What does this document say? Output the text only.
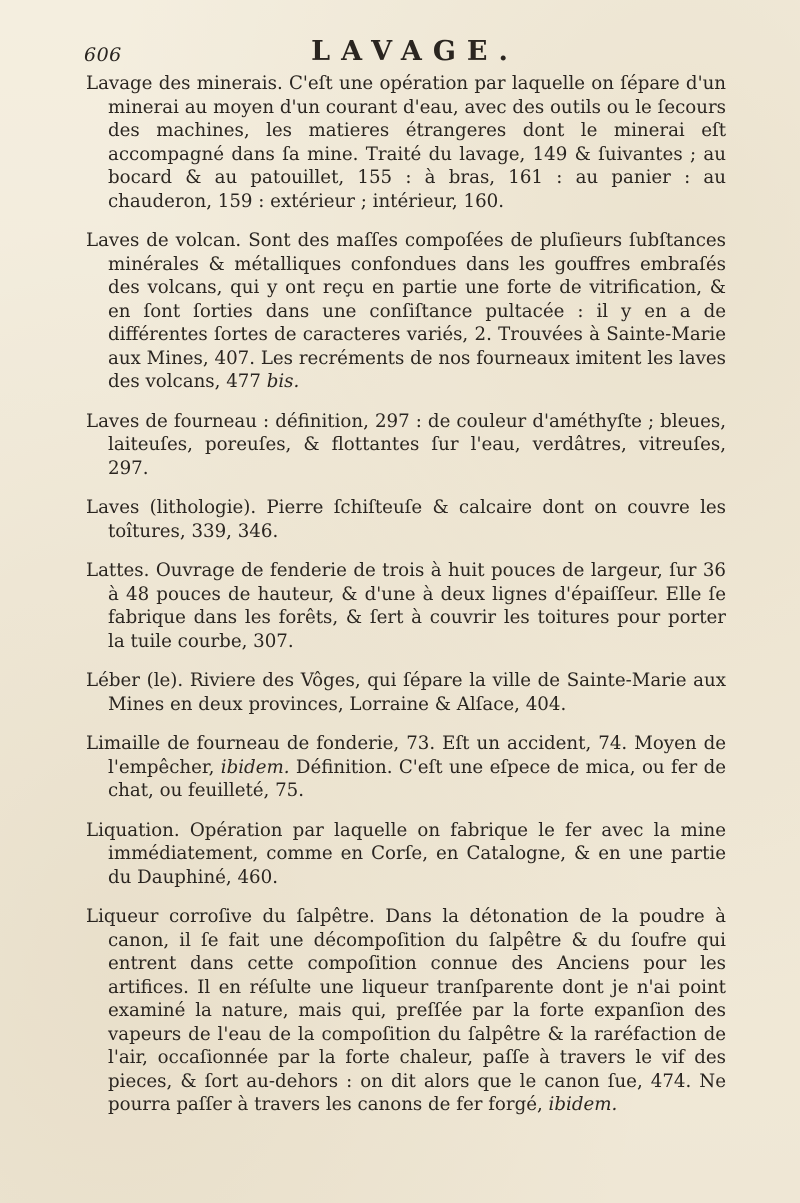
606	LAVAGE.

Lavage des minerais. C'eſt une opération par laquelle on ſépare d'un minerai au moyen d'un courant d'eau, avec des outils ou le ſecours des machines, les matieres étrangeres dont le minerai eſt accompagné dans ſa mine. Traité du lavage, 149 & ſuivantes ; au bocard & au patouillet, 155 : à bras, 161 : au panier : au chauderon, 159 : extérieur ; intérieur, 160.

Laves de volcan. Sont des maſſes compoſées de pluſieurs ſubſtances minérales & métalliques confondues dans les gouffres embraſés des volcans, qui y ont reçu en partie une forte de vitrification, & en ſont ſorties dans une conſiſtance pultacée : il y en a de différentes ſortes de caracteres variés, 2. Trouvées à Sainte-Marie aux Mines, 407. Les recréments de nos fourneaux imitent les laves des volcans, 477 bis.

Laves de fourneau : définition, 297 : de couleur d'améthyſte ; bleues, laiteuſes, poreuſes, & flottantes ſur l'eau, verdâtres, vitreuſes, 297.

Laves (lithologie). Pierre ſchiſteuſe & calcaire dont on couvre les toîtures, 339, 346.

Lattes. Ouvrage de fenderie de trois à huit pouces de largeur, ſur 36 à 48 pouces de hauteur, & d'une à deux lignes d'épaiſſeur. Elle ſe fabrique dans les forêts, & ſert à couvrir les toitures pour porter la tuile courbe, 307.

Léber (le). Riviere des Vôges, qui ſépare la ville de Sainte-Marie aux Mines en deux provinces, Lorraine & Alſace, 404.

Limaille de fourneau de fonderie, 73. Eſt un accident, 74. Moyen de l'empêcher, ibidem. Définition. C'eſt une eſpece de mica, ou fer de chat, ou feuilleté, 75.

Liquation. Opération par laquelle on fabrique le fer avec la mine immédiatement, comme en Corſe, en Catalogne, & en une partie du Dauphiné, 460.

Liqueur corroſive du ſalpêtre. Dans la détonation de la poudre à canon, il ſe fait une décompoſition du ſalpêtre & du ſoufre qui entrent dans cette compoſition connue des Anciens pour les artifices. Il en réſulte une liqueur tranſparente dont je n'ai point examiné la nature, mais qui, preſſée par la forte expanſion des vapeurs de l'eau de la compoſition du ſalpêtre & la raréfaction de l'air, occaſionnée par la forte chaleur, paſſe à travers le vif des pieces, & ſort au-dehors : on dit alors que le canon ſue, 474. Ne pourra paſſer à travers les canons de fer forgé, ibidem.
